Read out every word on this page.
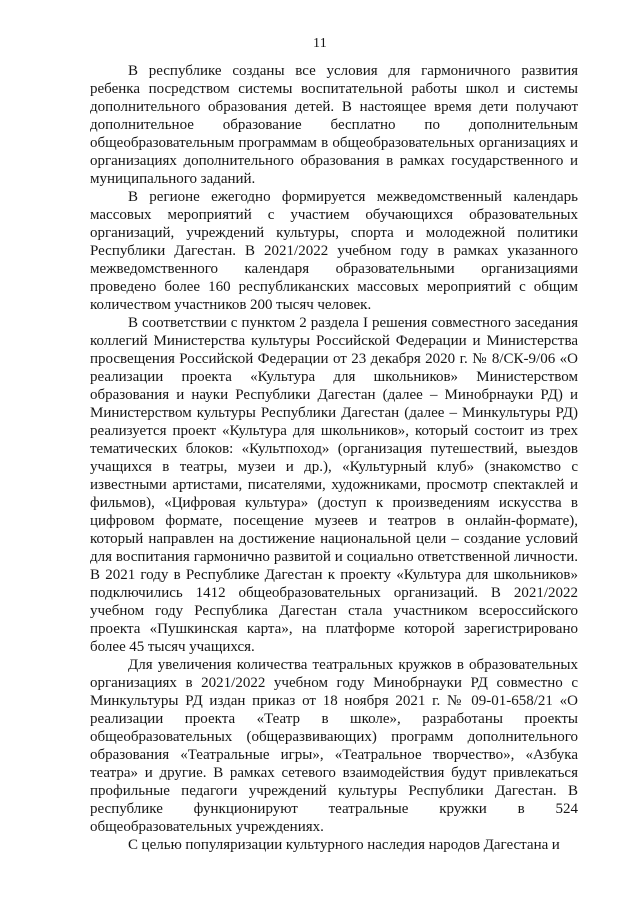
11

В республике созданы все условия для гармоничного развития ребенка посредством системы воспитательной работы школ и системы дополнительного образования детей. В настоящее время дети получают дополнительное образование бесплатно по дополнительным общеобразовательным программам в общеобразовательных организациях и организациях дополнительного образования в рамках государственного и муниципального заданий.

В регионе ежегодно формируется межведомственный календарь массовых мероприятий с участием обучающихся образовательных организаций, учреждений культуры, спорта и молодежной политики Республики Дагестан. В 2021/2022 учебном году в рамках указанного межведомственного календаря образовательными организациями проведено более 160 республиканских массовых мероприятий с общим количеством участников 200 тысяч человек.

В соответствии с пунктом 2 раздела I решения совместного заседания коллегий Министерства культуры Российской Федерации и Министерства просвещения Российской Федерации от 23 декабря 2020 г. № 8/СК-9/06 «О реализации проекта «Культура для школьников» Министерством образования и науки Республики Дагестан (далее – Минобрнауки РД) и Министерством культуры Республики Дагестан (далее – Минкультуры РД) реализуется проект «Культура для школьников», который состоит из трех тематических блоков: «Культпоход» (организация путешествий, выездов учащихся в театры, музеи и др.), «Культурный клуб» (знакомство с известными артистами, писателями, художниками, просмотр спектаклей и фильмов), «Цифровая культура» (доступ к произведениям искусства в цифровом формате, посещение музеев и театров в онлайн-формате), который направлен на достижение национальной цели – создание условий для воспитания гармонично развитой и социально ответственной личности. В 2021 году в Республике Дагестан к проекту «Культура для школьников» подключились 1412 общеобразовательных организаций. В 2021/2022 учебном году Республика Дагестан стала участником всероссийского проекта «Пушкинская карта», на платформе которой зарегистрировано более 45 тысяч учащихся.

Для увеличения количества театральных кружков в образовательных организациях в 2021/2022 учебном году Минобрнауки РД совместно с Минкультуры РД издан приказ от 18 ноября 2021 г. № 09-01-658/21 «О реализации проекта «Театр в школе», разработаны проекты общеобразовательных (общеразвивающих) программ дополнительного образования «Театральные игры», «Театральное творчество», «Азбука театра» и другие. В рамках сетевого взаимодействия будут привлекаться профильные педагоги учреждений культуры Республики Дагестан. В республике функционируют театральные кружки в 524 общеобразовательных учреждениях.

С целью популяризации культурного наследия народов Дагестана и
